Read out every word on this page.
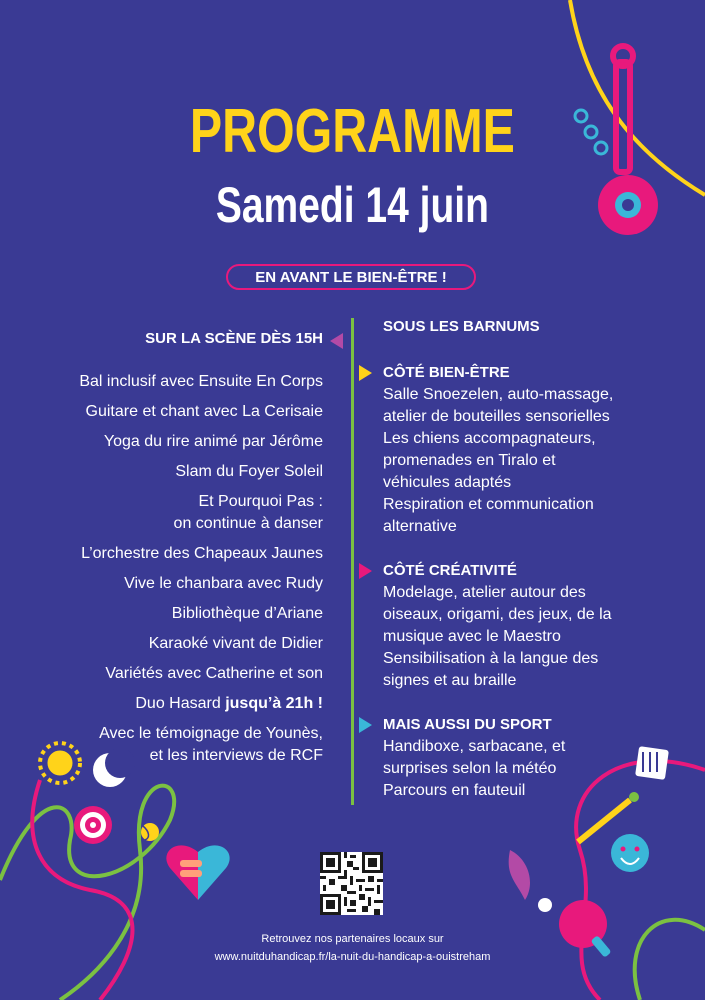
PROGRAMME
Samedi 14 juin
EN AVANT LE BIEN-ÊTRE !
SUR LA SCÈNE DÈS 15H
Bal inclusif avec Ensuite En Corps
Guitare et chant avec La Cerisaie
Yoga du rire animé par Jérôme
Slam du Foyer Soleil
Et Pourquoi Pas :
on continue à danser
L’orchestre des Chapeaux Jaunes
Vive le chanbara avec Rudy
Bibliothèque d’Ariane
Karaoké vivant de Didier
Variétés avec Catherine et son
Duo Hasard jusqu’à 21h !
Avec le témoignage de Younès,
et les interviews de RCF
SOUS LES BARNUMS
CÔTÉ BIEN-ÊTRE
Salle Snoezelen, auto-massage,
atelier de bouteilles sensorielles
Les chiens accompagnateurs,
promenades en Tiralo et
véhicules adaptés
Respiration et communication
alternative
CÔTÉ CRÉATIVITÉ
Modelage, atelier autour des
oiseaux, origami, des jeux, de la
musique avec le Maestro
Sensibilisation à la langue des
signes et au braille
MAIS AUSSI DU SPORT
Handiboxe, sarbacane, et
surprises selon la météo
Parcours en fauteuil
Retrouvez nos partenaires locaux sur
www.nuitduhandicap.fr/la-nuit-du-handicap-a-ouistreham
